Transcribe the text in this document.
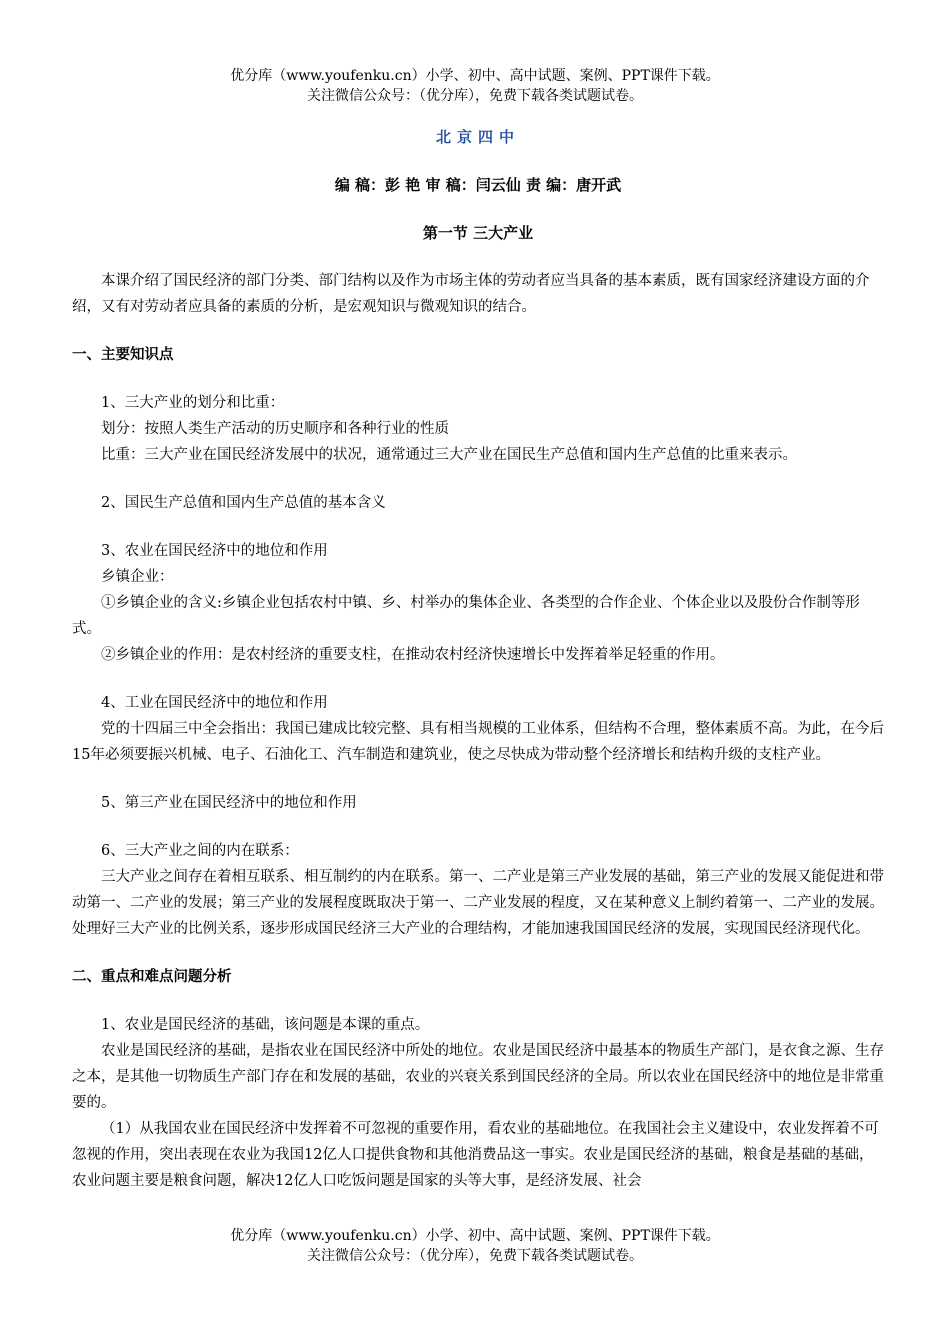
优分库（www.youfenku.cn）小学、初中、高中试题、案例、PPT课件下载。
关注微信公众号：（优分库），免费下载各类试题试卷。

北京四中

编 稿：彭 艳 审 稿：闫云仙 责 编：唐开武

第一节 三大产业

本课介绍了国民经济的部门分类、部门结构以及作为市场主体的劳动者应当具备的基本素质，既有国家经济建设方面的介绍，又有对劳动者应具备的素质的分析，是宏观知识与微观知识的结合。

一、主要知识点

1、三大产业的划分和比重：

划分：按照人类生产活动的历史顺序和各种行业的性质

比重：三大产业在国民经济发展中的状况，通常通过三大产业在国民生产总值和国内生产总值的比重来表示。

2、国民生产总值和国内生产总值的基本含义

3、农业在国民经济中的地位和作用

乡镇企业：

①乡镇企业的含义:乡镇企业包括农村中镇、乡、村举办的集体企业、各类型的合作企业、个体企业以及股份合作制等形式。

②乡镇企业的作用：是农村经济的重要支柱，在推动农村经济快速增长中发挥着举足轻重的作用。

4、工业在国民经济中的地位和作用

党的十四届三中全会指出：我国已建成比较完整、具有相当规模的工业体系，但结构不合理，整体素质不高。为此，在今后15年必须要振兴机械、电子、石油化工、汽车制造和建筑业，使之尽快成为带动整个经济增长和结构升级的支柱产业。

5、第三产业在国民经济中的地位和作用

6、三大产业之间的内在联系：

三大产业之间存在着相互联系、相互制约的内在联系。第一、二产业是第三产业发展的基础，第三产业的发展又能促进和带动第一、二产业的发展；第三产业的发展程度既取决于第一、二产业发展的程度，又在某种意义上制约着第一、二产业的发展。处理好三大产业的比例关系，逐步形成国民经济三大产业的合理结构，才能加速我国国民经济的发展，实现国民经济现代化。

二、重点和难点问题分析

1、农业是国民经济的基础，该问题是本课的重点。

农业是国民经济的基础，是指农业在国民经济中所处的地位。农业是国民经济中最基本的物质生产部门，是衣食之源、生存之本，是其他一切物质生产部门存在和发展的基础，农业的兴衰关系到国民经济的全局。所以农业在国民经济中的地位是非常重要的。

（1）从我国农业在国民经济中发挥着不可忽视的重要作用，看农业的基础地位。在我国社会主义建设中，农业发挥着不可忽视的作用，突出表现在农业为我国12亿人口提供食物和其他消费品这一事实。农业是国民经济的基础，粮食是基础的基础，农业问题主要是粮食问题，解决12亿人口吃饭问题是国家的头等大事，是经济发展、社会

优分库（www.youfenku.cn）小学、初中、高中试题、案例、PPT课件下载。
关注微信公众号：（优分库），免费下载各类试题试卷。
